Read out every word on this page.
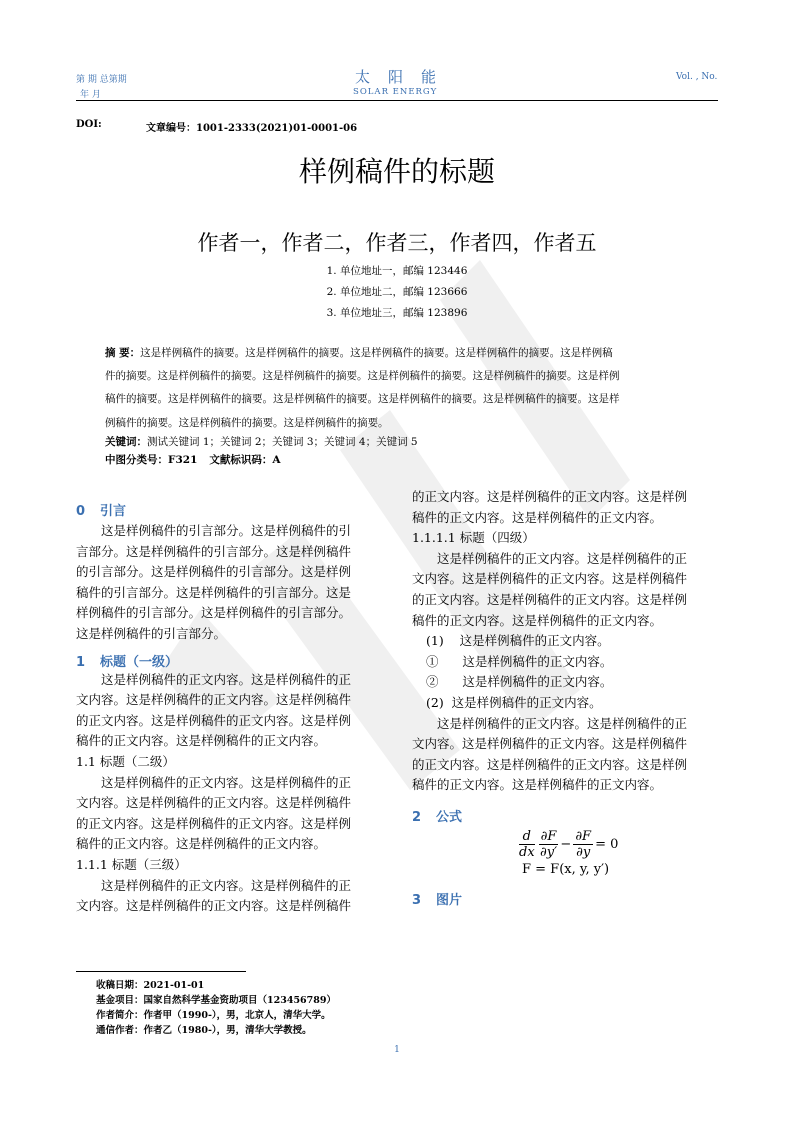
第 期 总第期
年 月
太阳能
SOLAR ENERGY
Vol. , No.
DOI:	文章编号：1001-2333(2021)01-0001-06
样例稿件的标题
作者一，作者二，作者三，作者四，作者五
1. 单位地址一，邮编 123446
2. 单位地址二，邮编 123666
3. 单位地址三，邮编 123896
摘 要：这是样例稿件的摘要。这是样例稿件的摘要。这是样例稿件的摘要。这是样例稿件的摘要。这是样例稿
件的摘要。这是样例稿件的摘要。这是样例稿件的摘要。这是样例稿件的摘要。这是样例稿件的摘要。这是样例
稿件的摘要。这是样例稿件的摘要。这是样例稿件的摘要。这是样例稿件的摘要。这是样例稿件的摘要。这是样
例稿件的摘要。这是样例稿件的摘要。这是样例稿件的摘要。
关键词：测试关键词 1；关键词 2；关键词 3；关键词 4；关键词 5
中图分类号：F321 文献标识码：A
0 引言
这是样例稿件的引言部分。这是样例稿件的引
言部分。这是样例稿件的引言部分。这是样例稿件
的引言部分。这是样例稿件的引言部分。这是样例
稿件的引言部分。这是样例稿件的引言部分。这是
样例稿件的引言部分。这是样例稿件的引言部分。
这是样例稿件的引言部分。
1 标题（一级）
这是样例稿件的正文内容。这是样例稿件的正
文内容。这是样例稿件的正文内容。这是样例稿件
的正文内容。这是样例稿件的正文内容。这是样例
稿件的正文内容。这是样例稿件的正文内容。
1.1 标题（二级）
这是样例稿件的正文内容。这是样例稿件的正
文内容。这是样例稿件的正文内容。这是样例稿件
的正文内容。这是样例稿件的正文内容。这是样例
稿件的正文内容。这是样例稿件的正文内容。
1.1.1 标题（三级）
这是样例稿件的正文内容。这是样例稿件的正
文内容。这是样例稿件的正文内容。这是样例稿件
的正文内容。这是样例稿件的正文内容。这是样例
稿件的正文内容。这是样例稿件的正文内容。
1.1.1.1 标题（四级）
这是样例稿件的正文内容。这是样例稿件的正
文内容。这是样例稿件的正文内容。这是样例稿件
的正文内容。这是样例稿件的正文内容。这是样例
稿件的正文内容。这是样例稿件的正文内容。
(1)    这是样例稿件的正文内容。
①      这是样例稿件的正文内容。
②      这是样例稿件的正文内容。
(2)  这是样例稿件的正文内容。
这是样例稿件的正文内容。这是样例稿件的正
文内容。这是样例稿件的正文内容。这是样例稿件
的正文内容。这是样例稿件的正文内容。这是样例
稿件的正文内容。这是样例稿件的正文内容。
2 公式
$\frac{d}{dx} \frac{\partial F}{\partial y'} - \frac{\partial F}{\partial y} = 0$
F = F(x, y, y′)
3 图片
收稿日期：2021-01-01
基金项目：国家自然科学基金资助项目（123456789）
作者简介：作者甲（1990-），男，北京人，清华大学。
通信作者：作者乙（1980-），男，清华大学教授。
1
